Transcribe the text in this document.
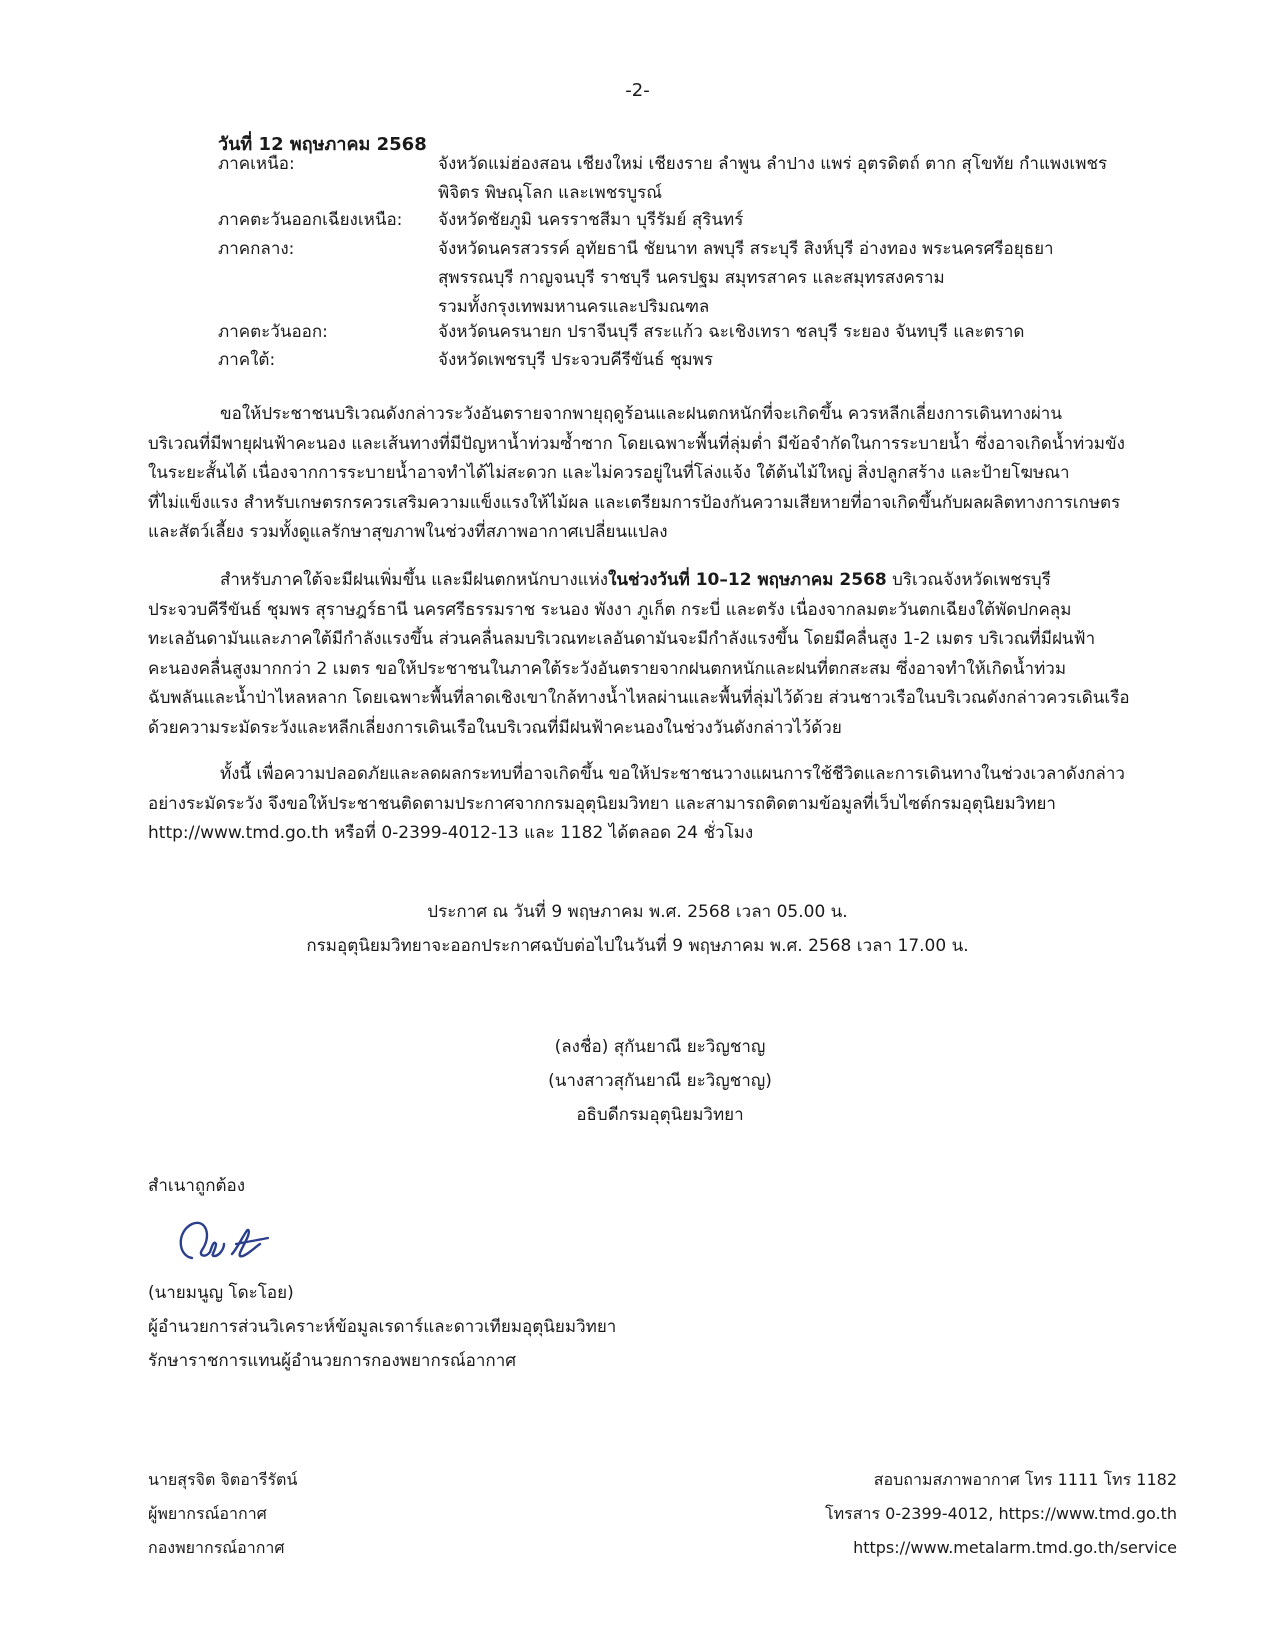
-2-
วันที่ 12 พฤษภาคม 2568
ภาคเหนือ:	จังหวัดแม่ฮ่องสอน เชียงใหม่ เชียงราย ลำพูน ลำปาง แพร่ อุตรดิตถ์ ตาก สุโขทัย กำแพงเพชร
พิจิตร พิษณุโลก และเพชรบูรณ์
ภาคตะวันออกเฉียงเหนือ:	จังหวัดชัยภูมิ นครราชสีมา บุรีรัมย์ สุรินทร์
ภาคกลาง:	จังหวัดนครสวรรค์ อุทัยธานี ชัยนาท ลพบุรี สระบุรี สิงห์บุรี อ่างทอง พระนครศรีอยุธยา
สุพรรณบุรี กาญจนบุรี ราชบุรี นครปฐม สมุทรสาคร และสมุทรสงคราม
รวมทั้งกรุงเทพมหานครและปริมณฑล
ภาคตะวันออก:	จังหวัดนครนายก ปราจีนบุรี สระแก้ว ฉะเชิงเทรา ชลบุรี ระยอง จันทบุรี และตราด
ภาคใต้:	จังหวัดเพชรบุรี ประจวบคีรีขันธ์ ชุมพร
ขอให้ประชาชนบริเวณดังกล่าวระวังอันตรายจากพายุฤดูร้อนและฝนตกหนักที่จะเกิดขึ้น ควรหลีกเลี่ยงการเดินทางผ่าน
บริเวณที่มีพายุฝนฟ้าคะนอง และเส้นทางที่มีปัญหาน้ำท่วมซ้ำซาก โดยเฉพาะพื้นที่ลุ่มต่ำ มีข้อจำกัดในการระบายน้ำ ซึ่งอาจเกิดน้ำท่วมขัง
ในระยะสั้นได้ เนื่องจากการระบายน้ำอาจทำได้ไม่สะดวก และไม่ควรอยู่ในที่โล่งแจ้ง ใต้ต้นไม้ใหญ่ สิ่งปลูกสร้าง และป้ายโฆษณา
ที่ไม่แข็งแรง สำหรับเกษตรกรควรเสริมความแข็งแรงให้ไม้ผล และเตรียมการป้องกันความเสียหายที่อาจเกิดขึ้นกับผลผลิตทางการเกษตร
และสัตว์เลี้ยง รวมทั้งดูแลรักษาสุขภาพในช่วงที่สภาพอากาศเปลี่ยนแปลง
สำหรับภาคใต้จะมีฝนเพิ่มขึ้น และมีฝนตกหนักบางแห่งในช่วงวันที่ 10–12 พฤษภาคม 2568 บริเวณจังหวัดเพชรบุรี
ประจวบคีรีขันธ์ ชุมพร สุราษฎร์ธานี นครศรีธรรมราช ระนอง พังงา ภูเก็ต กระบี่ และตรัง เนื่องจากลมตะวันตกเฉียงใต้พัดปกคลุม
ทะเลอันดามันและภาคใต้มีกำลังแรงขึ้น ส่วนคลื่นลมบริเวณทะเลอันดามันจะมีกำลังแรงขึ้น โดยมีคลื่นสูง 1-2 เมตร บริเวณที่มีฝนฟ้า
คะนองคลื่นสูงมากกว่า 2 เมตร ขอให้ประชาชนในภาคใต้ระวังอันตรายจากฝนตกหนักและฝนที่ตกสะสม ซึ่งอาจทำให้เกิดน้ำท่วม
ฉับพลันและน้ำป่าไหลหลาก โดยเฉพาะพื้นที่ลาดเชิงเขาใกล้ทางน้ำไหลผ่านและพื้นที่ลุ่มไว้ด้วย ส่วนชาวเรือในบริเวณดังกล่าวควรเดินเรือ
ด้วยความระมัดระวังและหลีกเลี่ยงการเดินเรือในบริเวณที่มีฝนฟ้าคะนองในช่วงวันดังกล่าวไว้ด้วย
ทั้งนี้ เพื่อความปลอดภัยและลดผลกระทบที่อาจเกิดขึ้น ขอให้ประชาชนวางแผนการใช้ชีวิตและการเดินทางในช่วงเวลาดังกล่าว
อย่างระมัดระวัง จึงขอให้ประชาชนติดตามประกาศจากกรมอุตุนิยมวิทยา และสามารถติดตามข้อมูลที่เว็บไซต์กรมอุตุนิยมวิทยา
http://www.tmd.go.th หรือที่ 0-2399-4012-13 และ 1182 ได้ตลอด 24 ชั่วโมง
ประกาศ ณ วันที่ 9 พฤษภาคม พ.ศ. 2568 เวลา 05.00 น.
กรมอุตุนิยมวิทยาจะออกประกาศฉบับต่อไปในวันที่ 9 พฤษภาคม พ.ศ. 2568 เวลา 17.00 น.
(ลงชื่อ) สุกันยาณี ยะวิญชาญ
(นางสาวสุกันยาณี ยะวิญชาญ)
อธิบดีกรมอุตุนิยมวิทยา
สำเนาถูกต้อง
(นายมนูญ โดะโอย)
ผู้อำนวยการส่วนวิเคราะห์ข้อมูลเรดาร์และดาวเทียมอุตุนิยมวิทยา
รักษาราชการแทนผู้อำนวยการกองพยากรณ์อากาศ
นายสุรจิต จิตอารีรัตน์
ผู้พยากรณ์อากาศ
กองพยากรณ์อากาศ
สอบถามสภาพอากาศ โทร 1111 โทร 1182
โทรสาร 0-2399-4012, https://www.tmd.go.th
https://www.metalarm.tmd.go.th/service
